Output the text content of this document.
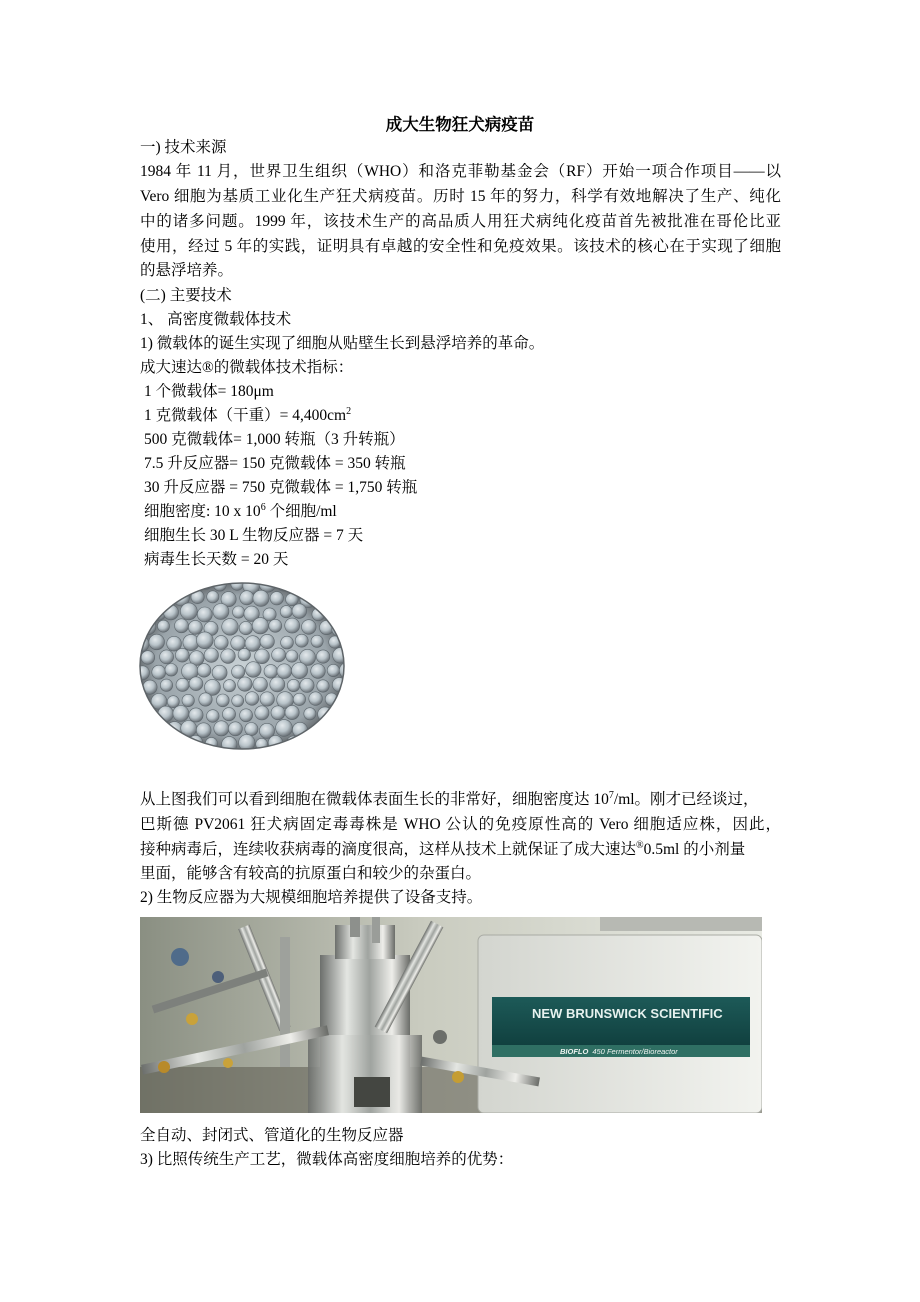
成大生物狂犬病疫苗
一) 技术来源
1984 年 11 月，世界卫生组织（WHO）和洛克菲勒基金会（RF）开始一项合作项目——以
Vero 细胞为基质工业化生产狂犬病疫苗。历时 15 年的努力，科学有效地解决了生产、纯化
中的诸多问题。1999 年，该技术生产的高品质人用狂犬病纯化疫苗首先被批准在哥伦比亚
使用，经过 5 年的实践，证明具有卓越的安全性和免疫效果。该技术的核心在于实现了细胞
的悬浮培养。
(二) 主要技术
1、 高密度微载体技术
1) 微载体的诞生实现了细胞从贴壁生长到悬浮培养的革命。
成大速达®的微载体技术指标：
1 个微载体= 180μm
1 克微载体（干重）= $4,400cm^2$
500 克微载体= 1,000 转瓶（3 升转瓶）
7.5 升反应器= 150 克微载体 = 350 转瓶
30 升反应器 = 750 克微载体 = 1,750 转瓶
细胞密度: 10 x $10^6$ 个细胞/ml
细胞生长 30 L 生物反应器 = 7 天
病毒生长天数 = 20 天
从上图我们可以看到细胞在微载体表面生长的非常好，细胞密度达 $10^7/ml$。刚才已经谈过，
巴斯德 PV2061 狂犬病固定毒毒株是 WHO 公认的免疫原性高的 Vero 细胞适应株，因此，
接种病毒后，连续收获病毒的滴度很高，这样从技术上就保证了成大速达®0.5ml 的小剂量
里面，能够含有较高的抗原蛋白和较少的杂蛋白。
2) 生物反应器为大规模细胞培养提供了设备支持。
NEW BRUNSWICK SCIENTIFIC
BIOFLO 450 Fermentor/Bioreactor
全自动、封闭式、管道化的生物反应器
3) 比照传统生产工艺，微载体高密度细胞培养的优势：
